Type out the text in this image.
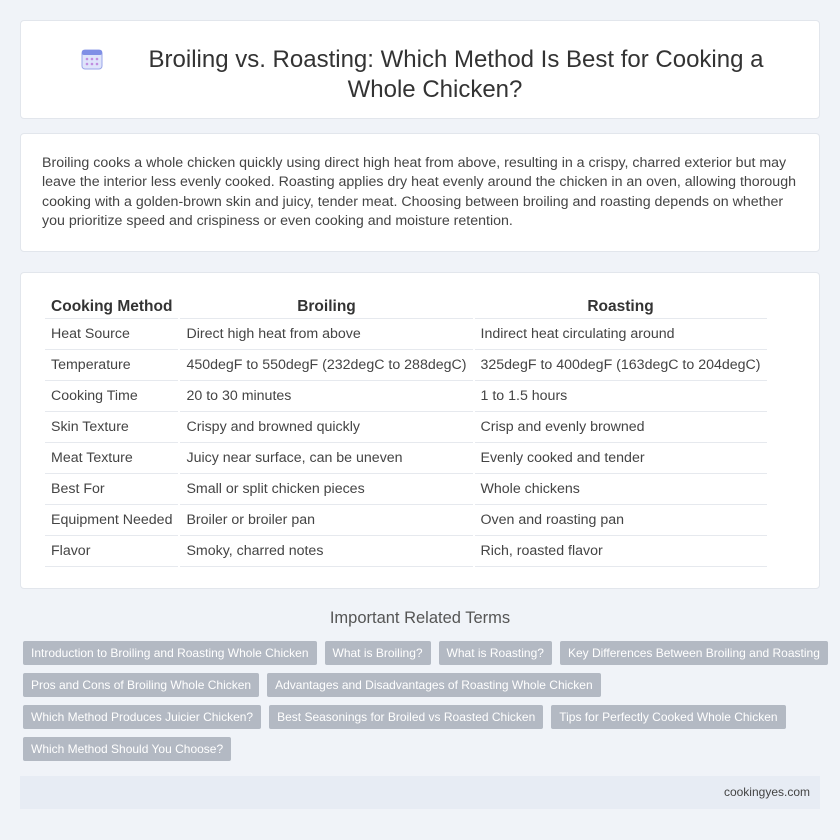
Broiling vs. Roasting: Which Method Is Best for Cooking a Whole Chicken?

Broiling cooks a whole chicken quickly using direct high heat from above, resulting in a crispy, charred exterior but may leave the interior less evenly cooked. Roasting applies dry heat evenly around the chicken in an oven, allowing thorough cooking with a golden-brown skin and juicy, tender meat. Choosing between broiling and roasting depends on whether you prioritize speed and crispiness or even cooking and moisture retention.

Cooking Method	Broiling	Roasting
Heat Source	Direct high heat from above	Indirect heat circulating around
Temperature	450degF to 550degF (232degC to 288degC)	325degF to 400degF (163degC to 204degC)
Cooking Time	20 to 30 minutes	1 to 1.5 hours
Skin Texture	Crispy and browned quickly	Crisp and evenly browned
Meat Texture	Juicy near surface, can be uneven	Evenly cooked and tender
Best For	Small or split chicken pieces	Whole chickens
Equipment Needed	Broiler or broiler pan	Oven and roasting pan
Flavor	Smoky, charred notes	Rich, roasted flavor
Important Related Terms
Introduction to Broiling and Roasting Whole Chicken	What is Broiling?	What is Roasting?	Key Differences Between Broiling and Roasting
Pros and Cons of Broiling Whole Chicken	Advantages and Disadvantages of Roasting Whole Chicken
Which Method Produces Juicier Chicken?	Best Seasonings for Broiled vs Roasted Chicken	Tips for Perfectly Cooked Whole Chicken
Which Method Should You Choose?
cookingyes.com
